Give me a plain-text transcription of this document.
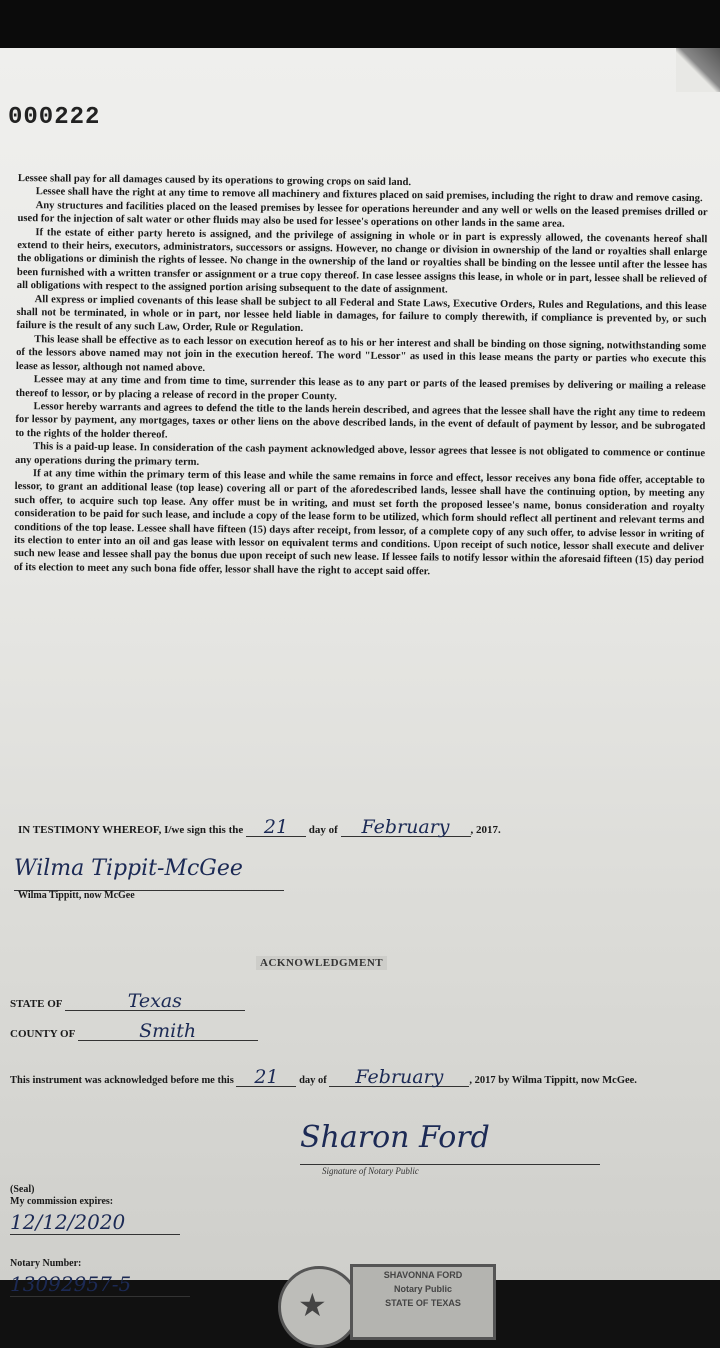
000222

Lessee shall pay for all damages caused by its operations to growing crops on said land.

Lessee shall have the right at any time to remove all machinery and fixtures placed on said premises, including the right to draw and remove casing.

Any structures and facilities placed on the leased premises by lessee for operations hereunder and any well or wells on the leased premises drilled or used for the injection of salt water or other fluids may also be used for lessee's operations on other lands in the same area.

If the estate of either party hereto is assigned, and the privilege of assigning in whole or in part is expressly allowed, the covenants hereof shall extend to their heirs, executors, administrators, successors or assigns. However, no change or division in ownership of the land or royalties shall enlarge the obligations or diminish the rights of lessee. No change in the ownership of the land or royalties shall be binding on the lessee until after the lessee has been furnished with a written transfer or assignment or a true copy thereof. In case lessee assigns this lease, in whole or in part, lessee shall be relieved of all obligations with respect to the assigned portion arising subsequent to the date of assignment.

All express or implied covenants of this lease shall be subject to all Federal and State Laws, Executive Orders, Rules and Regulations, and this lease shall not be terminated, in whole or in part, nor lessee held liable in damages, for failure to comply therewith, if compliance is prevented by, or such failure is the result of any such Law, Order, Rule or Regulation.

This lease shall be effective as to each lessor on execution hereof as to his or her interest and shall be binding on those signing, notwithstanding some of the lessors above named may not join in the execution hereof. The word "Lessor" as used in this lease means the party or parties who execute this lease as lessor, although not named above.

Lessee may at any time and from time to time, surrender this lease as to any part or parts of the leased premises by delivering or mailing a release thereof to lessor, or by placing a release of record in the proper County.

Lessor hereby warrants and agrees to defend the title to the lands herein described, and agrees that the lessee shall have the right any time to redeem for lessor by payment, any mortgages, taxes or other liens on the above described lands, in the event of default of payment by lessor, and be subrogated to the rights of the holder thereof.

This is a paid-up lease. In consideration of the cash payment acknowledged above, lessor agrees that lessee is not obligated to commence or continue any operations during the primary term.

If at any time within the primary term of this lease and while the same remains in force and effect, lessor receives any bona fide offer, acceptable to lessor, to grant an additional lease (top lease) covering all or part of the aforedescribed lands, lessee shall have the continuing option, by meeting any such offer, to acquire such top lease. Any offer must be in writing, and must set forth the proposed lessee's name, bonus consideration and royalty consideration to be paid for such lease, and include a copy of the lease form to be utilized, which form should reflect all pertinent and relevant terms and conditions of the top lease. Lessee shall have fifteen (15) days after receipt, from lessor, of a complete copy of any such offer, to advise lessor in writing of its election to enter into an oil and gas lease with lessor on equivalent terms and conditions. Upon receipt of such notice, lessor shall execute and deliver such new lease and lessee shall pay the bonus due upon receipt of such new lease. If lessee fails to notify lessor within the aforesaid fifteen (15) day period of its election to meet any such bona fide offer, lessor shall have the right to accept said offer.

IN TESTIMONY WHEREOF, I/we sign this the 21 day of February , 2017.
Wilma Tippit-McGee
Wilma Tippitt, now McGee
ACKNOWLEDGMENT
STATE OF	Texas
COUNTY OF	Smith
This instrument was acknowledged before me this 21 day of February , 2017 by Wilma Tippitt, now McGee.
Sharon Ford
Signature of Notary Public
(Seal)
My commission expires:
12/12/2020
Notary Number:
13092957-5
★
SHAVONNA FORD
Notary Public
STATE OF TEXAS
